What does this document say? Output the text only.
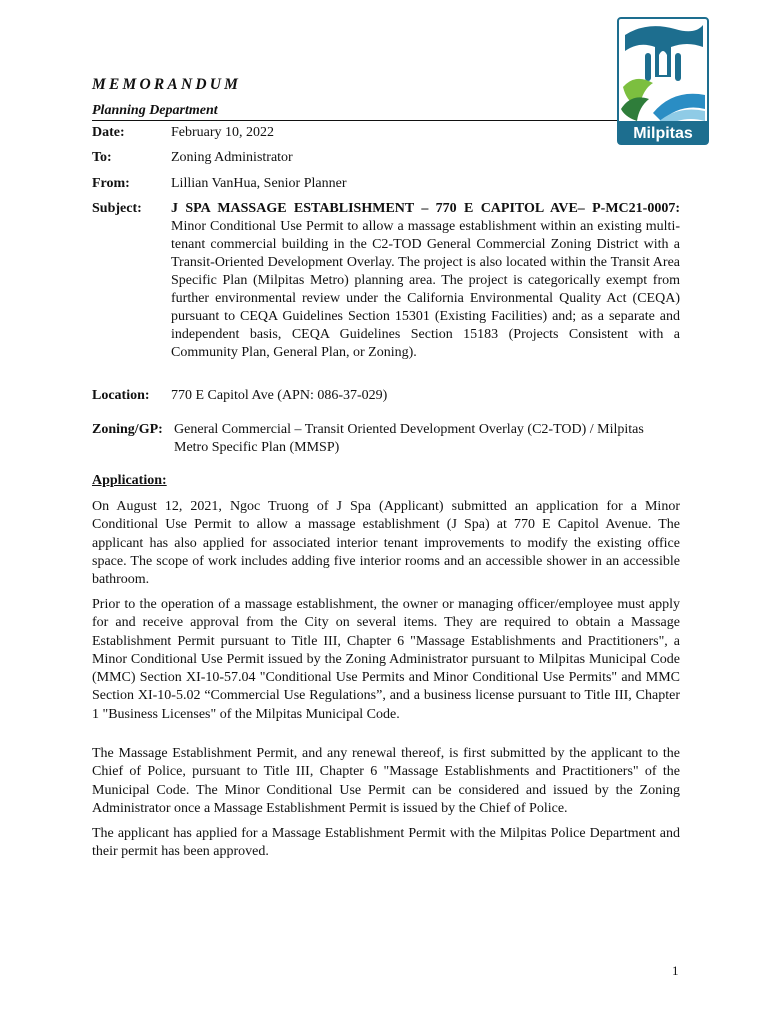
MEMORANDUM
Planning Department
Milpitas
Date:	February 10, 2022
To:	Zoning Administrator
From:	Lillian VanHua, Senior Planner
Subject: J SPA MASSAGE ESTABLISHMENT – 770 E CAPITOL AVE– P-MC21-0007: Minor Conditional Use Permit to allow a massage establishment within an existing multi-tenant commercial building in the C2-TOD General Commercial Zoning District with a Transit-Oriented Development Overlay. The project is also located within the Transit Area Specific Plan (Milpitas Metro) planning area. The project is categorically exempt from further environmental review under the California Environmental Quality Act (CEQA) pursuant to CEQA Guidelines Section 15301 (Existing Facilities) and; as a separate and independent basis, CEQA Guidelines Section 15183 (Projects Consistent with a Community Plan, General Plan, or Zoning).
Location: 770 E Capitol Ave (APN: 086-37-029)
Zoning/GP: General Commercial – Transit Oriented Development Overlay (C2-TOD) / Milpitas Metro Specific Plan (MMSP)
Application:

On August 12, 2021, Ngoc Truong of J Spa (Applicant) submitted an application for a Minor Conditional Use Permit to allow a massage establishment (J Spa) at 770 E Capitol Avenue. The applicant has also applied for associated interior tenant improvements to modify the existing office space. The scope of work includes adding five interior rooms and an accessible shower in an accessible bathroom.

Prior to the operation of a massage establishment, the owner or managing officer/employee must apply for and receive approval from the City on several items. They are required to obtain a Massage Establishment Permit pursuant to Title III, Chapter 6 "Massage Establishments and Practitioners", a Minor Conditional Use Permit issued by the Zoning Administrator pursuant to Milpitas Municipal Code (MMC) Section XI-10-57.04 "Conditional Use Permits and Minor Conditional Use Permits" and MMC Section XI-10-5.02 “Commercial Use Regulations”, and a business license pursuant to Title III, Chapter 1 "Business Licenses" of the Milpitas Municipal Code.

The Massage Establishment Permit, and any renewal thereof, is first submitted by the applicant to the Chief of Police, pursuant to Title III, Chapter 6 "Massage Establishments and Practitioners" of the Municipal Code. The Minor Conditional Use Permit can be considered and issued by the Zoning Administrator once a Massage Establishment Permit is issued by the Chief of Police.

The applicant has applied for a Massage Establishment Permit with the Milpitas Police Department and their permit has been approved.

1
